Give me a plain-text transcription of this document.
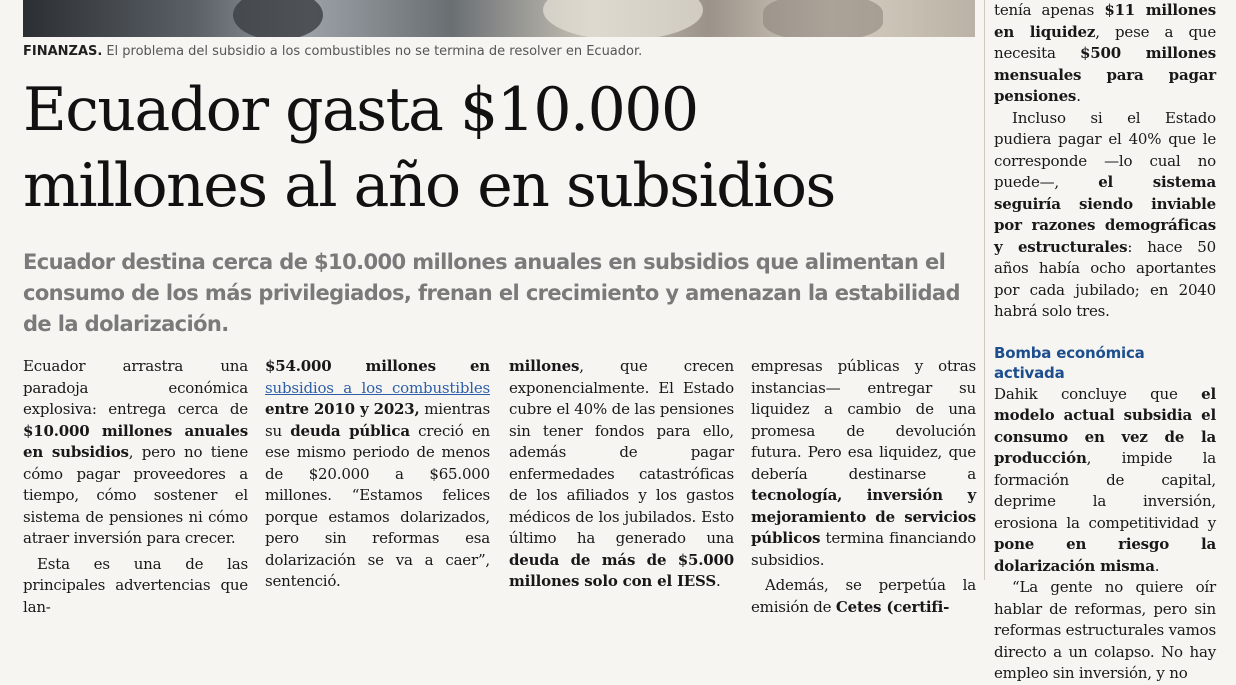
FINANZAS. El problema del subsidio a los combustibles no se termina de resolver en Ecuador.
Ecuador gasta $10.000
millones al año en subsidios
Ecuador destina cerca de $10.000 millones anuales en subsidios que alimentan el consumo de los más privilegiados, frenan el crecimiento y amenazan la estabilidad de la dolarización.

Ecuador arrastra una paradoja económica explosiva: entrega cerca de $10.000 millones anuales en subsidios, pero no tiene cómo pagar proveedores a tiempo, cómo sostener el sistema de pensiones ni cómo atraer inversión para crecer.

Esta es una de las principales advertencias que lan-

$54.000 millones en subsidios a los combustibles entre 2010 y 2023, mientras su deuda pública creció en ese mismo periodo de menos de $20.000 a $65.000 millones. “Estamos felices porque estamos dolarizados, pero sin reformas esa dolarización se va a caer”, sentenció.

millones, que crecen exponencialmente. El Estado cubre el 40% de las pensiones sin tener fondos para ello, además de pagar enfermedades catastróficas de los afiliados y los gastos médicos de los jubilados. Esto último ha generado una deuda de más de $5.000 millones solo con el IESS.

empresas públicas y otras instancias— entregar su liquidez a cambio de una promesa de devolución futura. Pero esa liquidez, que debería destinarse a tecnología, inversión y mejoramiento de servicios públicos termina financiando subsidios.

Además, se perpetúa la emisión de Cetes (certifi-

tenía apenas $11 millones en liquidez, pese a que necesita $500 millones mensuales para pagar pensiones.

Incluso si el Estado pudiera pagar el 40% que le corresponde —lo cual no puede—, el sistema seguiría siendo inviable por razones demográficas y estructurales: hace 50 años había ocho aportantes por cada jubilado; en 2040 habrá solo tres.

Bomba económica activada

Dahik concluye que el modelo actual subsidia el consumo en vez de la producción, impide la formación de capital, deprime la inversión, erosiona la competitividad y pone en riesgo la dolarización misma.

“La gente no quiere oír hablar de reformas, pero sin reformas estructurales vamos directo a un colapso. No hay empleo sin inversión, y no
